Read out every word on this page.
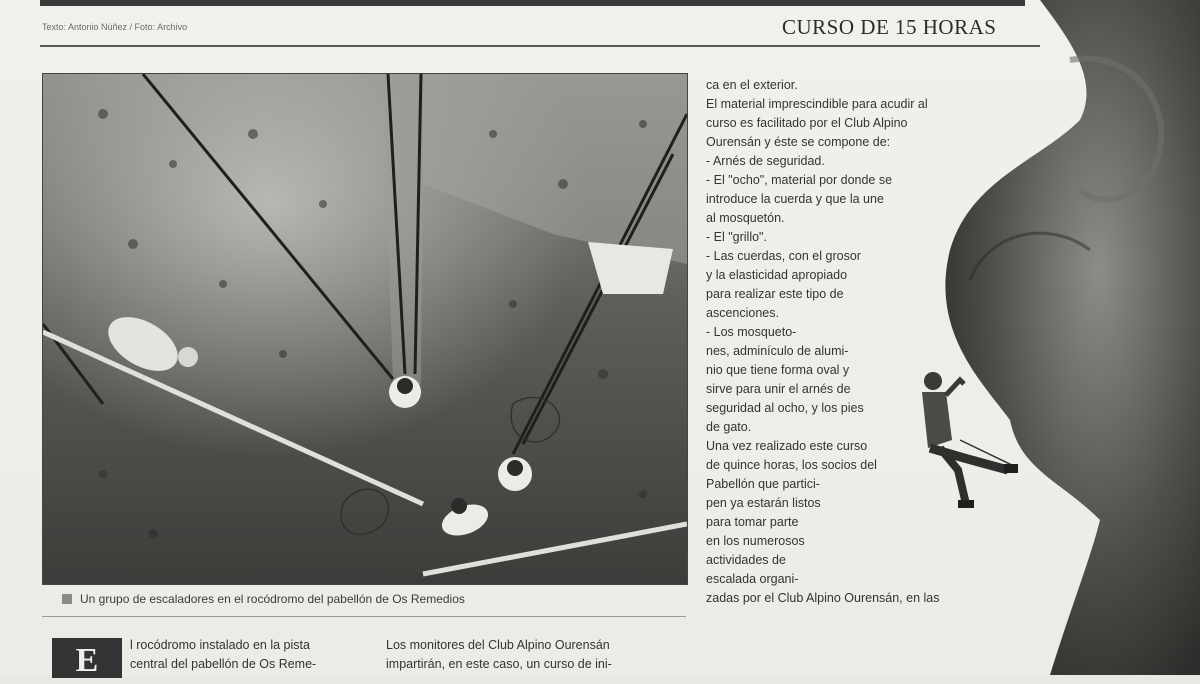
Texto: Antonio Núñez / Foto: Archivo	CURSO DE 15 HORAS
Un grupo de escaladores en el rocódromo del pabellón de Os Remedios
E	l rocódromo instalado en la pista

central del pabellón de Os Reme-

Los monitores del Club Alpino Ourensán

impartirán, en este caso, un curso de ini-

ca en el exterior.

El material imprescindible para acudir al

curso es facilitado por el Club Alpino

Ourensán y éste se compone de:

- Arnés de seguridad.

- El "ocho", material por donde se

introduce la cuerda y que la une

al mosquetón.

- El "grillo".

- Las cuerdas, con el grosor

y la elasticidad apropiado

para realizar este tipo de

ascenciones.

- Los mosqueto-

nes, adminículo de alumi-

nio que tiene forma oval y

sirve para unir el arnés de

seguridad al ocho, y los pies

de gato.

Una vez realizado este curso

de quince horas, los socios del

Pabellón que partici-

pen ya estarán listos

para tomar parte

en los numerosos

actividades de

escalada organi-

zadas por el Club Alpino Ourensán, en las
